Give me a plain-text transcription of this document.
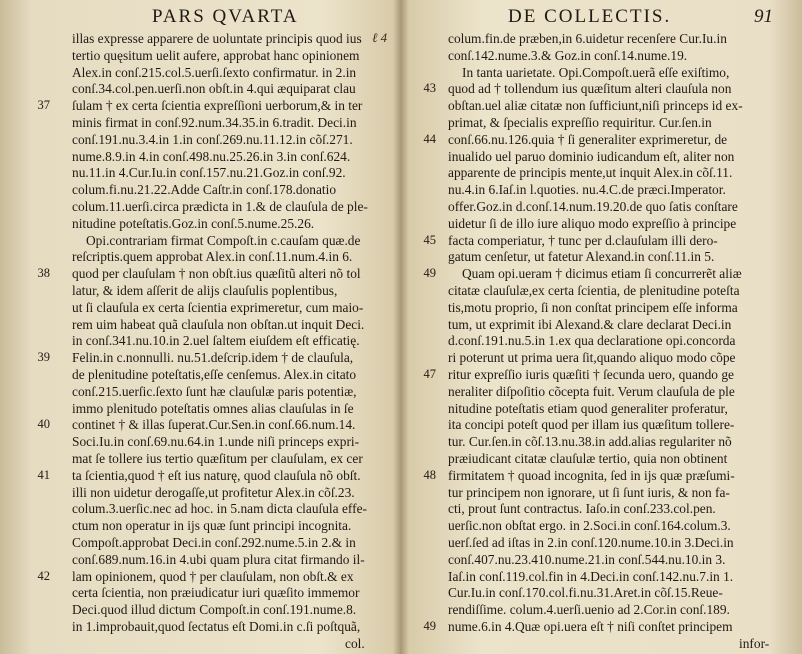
PARS QVARTA
ℓ 4
illas expresse apparere de uoluntate principis quod ius
tertio quęsitum uelit aufere, approbat hanc opinionem
Alex.in conſ.215.col.5.uerſi.ſexto confirmatur. in 2.in
conſ.34.col.pen.uerſi.non obſt.in 4.qui æquiparat clau
37 ſulam † ex certa ſcientia expreſſioni uerborum,& in ter
minis firmat in conſ.92.num.34.35.in 6.tradit. Deci.in
conſ.191.nu.3.4.in 1.in conſ.269.nu.11.12.in cõſ.271.
nume.8.9.in 4.in conſ.498.nu.25.26.in 3.in conſ.624.
nu.11.in 4.Cur.Iu.in conſ.157.nu.21.Goz.in conſ.92.
colum.fi.nu.21.22.Adde Caſtr.in conſ.178.donatio
colum.11.uerſi.circa prædicta in 1.& de clauſula de ple-
nitudine poteſtatis.Goz.in conſ.5.nume.25.26.
Opi.contrariam firmat Compoſt.in c.cauſam quæ.de
reſcriptis.quem approbat Alex.in conſ.11.num.4.in 6.
38 quod per clauſulam † non obſt.ius quæſitũ alteri nõ tol
latur, & idem aſſerit de alijs clauſulis poplentibus,
ut ſi clauſula ex certa ſcientia exprimeretur, cum maio-
rem uim habeat quã clauſula non obſtan.ut inquit Deci.
in conſ.341.nu.10.in 2.uel ſaltem eiuſdem eſt efficatię.
39 Felin.in c.nonnulli. nu.51.deſcrip.idem † de clauſula,
de plenitudine poteſtatis,eſſe cenſemus. Alex.in citato
conſ.215.uerſic.ſexto ſunt hæ clauſulæ paris potentiæ,
immo plenitudo poteſtatis omnes alias clauſulas in ſe
40 continet † & illas ſuperat.Cur.Sen.in conſ.66.num.14.
Soci.Iu.in conſ.69.nu.64.in 1.unde niſi princeps expri-
mat ſe tollere ius tertio quæſitum per clauſulam, ex cer
41 ta ſcientia,quod † eſt ius naturę, quod clauſula nõ obſt.
illi non uidetur derogaſſe,ut profitetur Alex.in cõſ.23.
colum.3.uerſic.nec ad hoc. in 5.nam dicta clauſula effe-
ctum non operatur in ijs quæ ſunt principi incognita.
Compoſt.approbat Deci.in conſ.292.nume.5.in 2.& in
conſ.689.num.16.in 4.ubi quam plura citat firmando il-
42 lam opinionem, quod † per clauſulam, non obſt.& ex
certa ſcientia, non præiudicatur iuri quæſito immemor
Deci.quod illud dictum Compoſt.in conſ.191.nume.8.
in 1.improbauit,quod ſectatus eſt Domi.in c.ſi poſtquã,
col.
DE COLLECTIS.	91
colum.fin.de præben,in 6.uidetur recenſere Cur.Iu.in
conſ.142.nume.3.& Goz.in conſ.14.nume.19.
In tanta uarietate. Opi.Compoſt.uerã eſſe exiſtimo,
43 quod ad † tollendum ius quæſitum alteri clauſula non
obſtan.uel aliæ citatæ non ſufficiunt,niſi princeps id ex-
primat, & ſpecialis expreſſio requiritur. Cur.ſen.in
44 conſ.66.nu.126.quia † ſi generaliter exprimeretur, de
inualido uel paruo dominio iudicandum eſt, aliter non
apparente de principis mente,ut inquit Alex.in cõſ.11.
nu.4.in 6.Iaſ.in l.quoties. nu.4.C.de præci.Imperator.
offer.Goz.in d.conſ.14.num.19.20.de quo ſatis conſtare
uidetur ſi de illo iure aliquo modo expreſſio à principe
45 facta comperiatur, † tunc per d.clauſulam illi dero-
gatum cenſetur, ut fatetur Alexand.in conſ.11.in 5.
49	Quam opi.ueram † dicimus etiam ſi concurrerẽt aliæ
citatæ clauſulæ,ex certa ſcientia, de plenitudine poteſta
tis,motu proprio, ſi non conſtat principem eſſe informa
tum, ut exprimit ibi Alexand.& clare declarat Deci.in
d.conſ.191.nu.5.in 1.ex qua declaratione opi.concorda
ri poterunt ut prima uera ſit,quando aliquo modo cõpe
47 ritur expreſſio iuris quæſiti † ſecunda uero, quando ge
neraliter diſpoſitio cõcepta fuit. Verum clauſula de ple
nitudine poteſtatis etiam quod generaliter proferatur,
ita concipi poteſt quod per illam ius quæſitum tollere-
tur. Cur.ſen.in cõſ.13.nu.38.in add.alias regulariter nõ
præiudicant citatæ clauſulæ tertio, quia non obtinent
48 firmitatem † quoad incognita, ſed in ijs quæ præſumi-
tur principem non ignorare, ut ſi ſunt iuris, & non fa-
cti, prout ſunt contractus. Iaſo.in conſ.233.col.pen.
uerſic.non obſtat ergo. in 2.Soci.in conſ.164.colum.3.
uerſ.ſed ad iſtas in 2.in conſ.120.nume.10.in 3.Deci.in
conſ.407.nu.23.410.nume.21.in conſ.544.nu.10.in 3.
Iaſ.in conſ.119.col.fin in 4.Deci.in conſ.142.nu.7.in 1.
Cur.Iu.in conſ.170.col.fi.nu.31.Aret.in cõſ.15.Reue-
rendiſſime. colum.4.uerſi.uenio ad 2.Cor.in conſ.189.
49 nume.6.in 4.Quæ opi.uera eſt † niſi conſtet principem
infor-
